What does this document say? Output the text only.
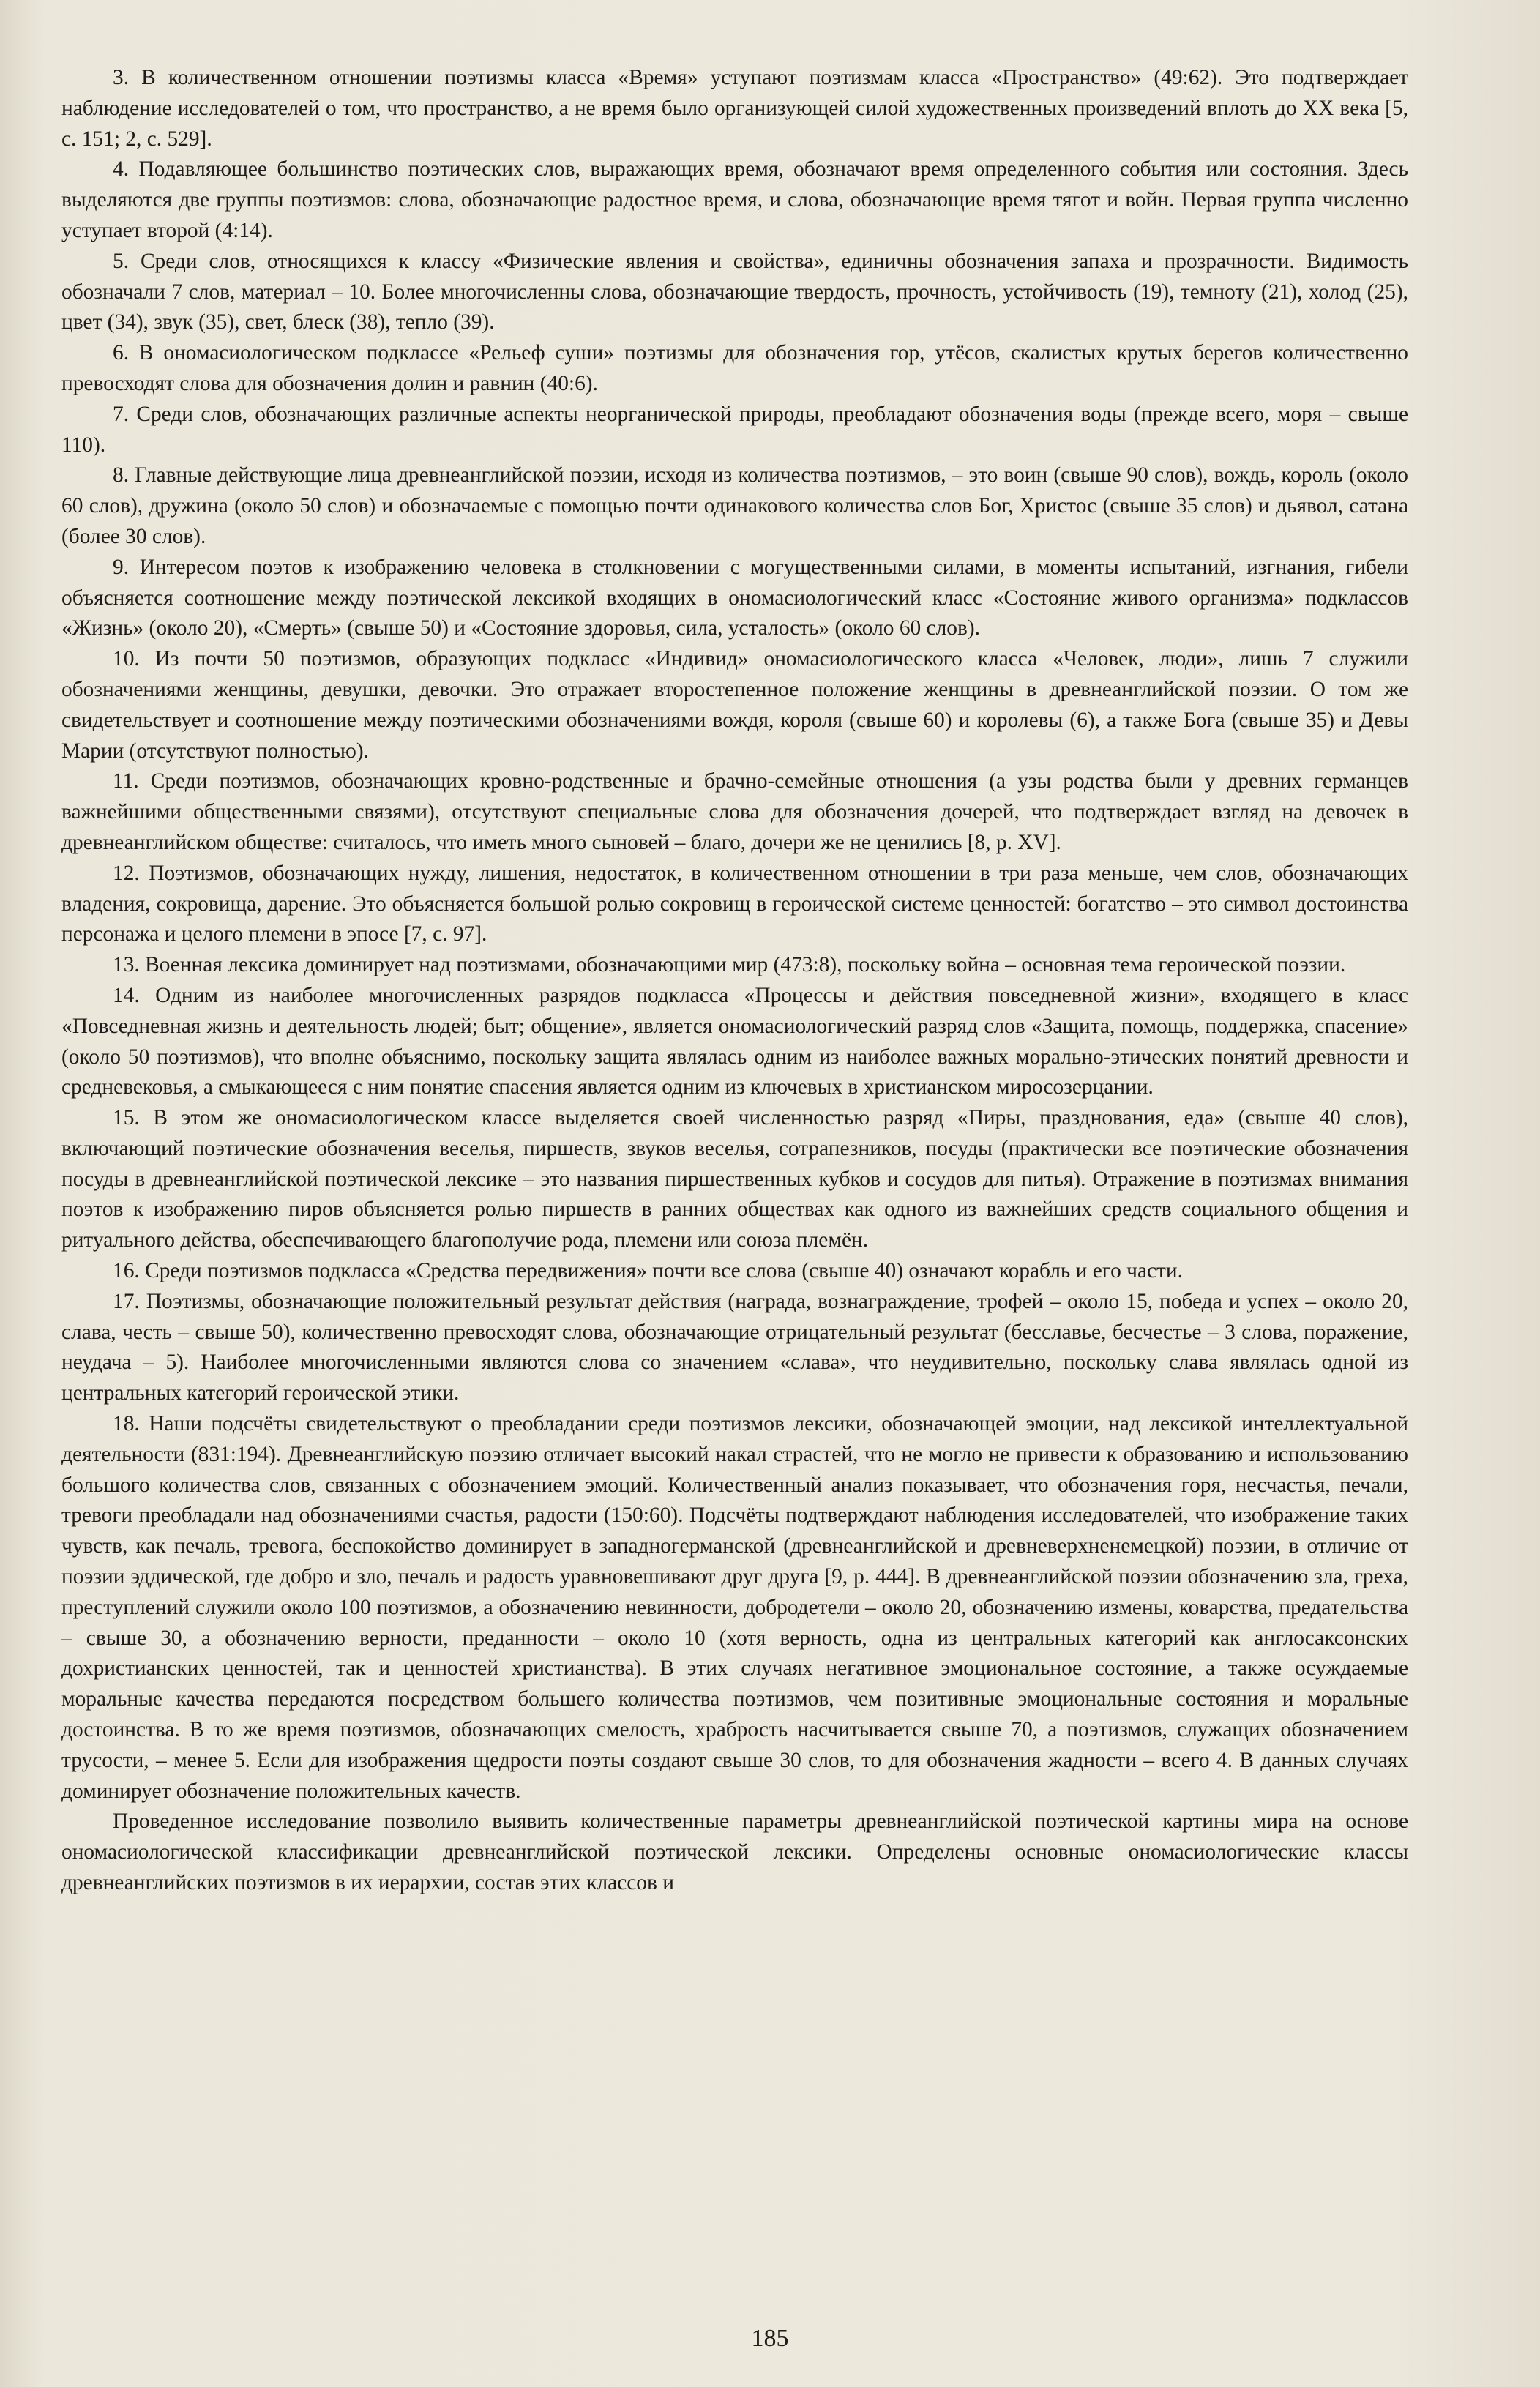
3. В количественном отношении поэтизмы класса «Время» уступают поэтизмам класса «Пространство» (49:62). Это подтверждает наблюдение исследователей о том, что пространство, а не время было организующей силой художественных произведений вплоть до XX века [5, с. 151; 2, с. 529].

4. Подавляющее большинство поэтических слов, выражающих время, обозначают время определенного события или состояния. Здесь выделяются две группы поэтизмов: слова, обозначающие радостное время, и слова, обозначающие время тягот и войн. Первая группа численно уступает второй (4:14).

5. Среди слов, относящихся к классу «Физические явления и свойства», единичны обозначения запаха и прозрачности. Видимость обозначали 7 слов, материал – 10. Более многочисленны слова, обозначающие твердость, прочность, устойчивость (19), темноту (21), холод (25), цвет (34), звук (35), свет, блеск (38), тепло (39).

6. В ономасиологическом подклассе «Рельеф суши» поэтизмы для обозначения гор, утёсов, скалистых крутых берегов количественно превосходят слова для обозначения долин и равнин (40:6).

7. Среди слов, обозначающих различные аспекты неорганической природы, преобладают обозначения воды (прежде всего, моря – свыше 110).

8. Главные действующие лица древнеанглийской поэзии, исходя из количества поэтизмов, – это воин (свыше 90 слов), вождь, король (около 60 слов), дружина (около 50 слов) и обозначаемые с помощью почти одинакового количества слов Бог, Христос (свыше 35 слов) и дьявол, сатана (более 30 слов).

9. Интересом поэтов к изображению человека в столкновении с могущественными силами, в моменты испытаний, изгнания, гибели объясняется соотношение между поэтической лексикой входящих в ономасиологический класс «Состояние живого организма» подклассов «Жизнь» (около 20), «Смерть» (свыше 50) и «Состояние здоровья, сила, усталость» (около 60 слов).

10. Из почти 50 поэтизмов, образующих подкласс «Индивид» ономасиологического класса «Человек, люди», лишь 7 служили обозначениями женщины, девушки, девочки. Это отражает второстепенное положение женщины в древнеанглийской поэзии. О том же свидетельствует и соотношение между поэтическими обозначениями вождя, короля (свыше 60) и королевы (6), а также Бога (свыше 35) и Девы Марии (отсутствуют полностью).

11. Среди поэтизмов, обозначающих кровно-родственные и брачно-семейные отношения (а узы родства были у древних германцев важнейшими общественными связями), отсутствуют специальные слова для обозначения дочерей, что подтверждает взгляд на девочек в древнеанглийском обществе: считалось, что иметь много сыновей – благо, дочери же не ценились [8, p. XV].

12. Поэтизмов, обозначающих нужду, лишения, недостаток, в количественном отношении в три раза меньше, чем слов, обозначающих владения, сокровища, дарение. Это объясняется большой ролью сокровищ в героической системе ценностей: богатство – это символ достоинства персонажа и целого племени в эпосе [7, с. 97].

13. Военная лексика доминирует над поэтизмами, обозначающими мир (473:8), поскольку война – основная тема героической поэзии.

14. Одним из наиболее многочисленных разрядов подкласса «Процессы и действия повседневной жизни», входящего в класс «Повседневная жизнь и деятельность людей; быт; общение», является ономасиологический разряд слов «Защита, помощь, поддержка, спасение» (около 50 поэтизмов), что вполне объяснимо, поскольку защита являлась одним из наиболее важных морально-этических понятий древности и средневековья, а смыкающееся с ним понятие спасения является одним из ключевых в христианском миросозерцании.

15. В этом же ономасиологическом классе выделяется своей численностью разряд «Пиры, празднования, еда» (свыше 40 слов), включающий поэтические обозначения веселья, пиршеств, звуков веселья, сотрапезников, посуды (практически все поэтические обозначения посуды в древнеанглийской поэтической лексике – это названия пиршественных кубков и сосудов для питья). Отражение в поэтизмах внимания поэтов к изображению пиров объясняется ролью пиршеств в ранних обществах как одного из важнейших средств социального общения и ритуального действа, обеспечивающего благополучие рода, племени или союза племён.

16. Среди поэтизмов подкласса «Средства передвижения» почти все слова (свыше 40) означают корабль и его части.

17. Поэтизмы, обозначающие положительный результат действия (награда, вознаграждение, трофей – около 15, победа и успех – около 20, слава, честь – свыше 50), количественно превосходят слова, обозначающие отрицательный результат (бесславье, бесчестье – 3 слова, поражение, неудача – 5). Наиболее многочисленными являются слова со значением «слава», что неудивительно, поскольку слава являлась одной из центральных категорий героической этики.

18. Наши подсчёты свидетельствуют о преобладании среди поэтизмов лексики, обозначающей эмоции, над лексикой интеллектуальной деятельности (831:194). Древнеанглийскую поэзию отличает высокий накал страстей, что не могло не привести к образованию и использованию большого количества слов, связанных с обозначением эмоций. Количественный анализ показывает, что обозначения горя, несчастья, печали, тревоги преобладали над обозначениями счастья, радости (150:60). Подсчёты подтверждают наблюдения исследователей, что изображение таких чувств, как печаль, тревога, беспокойство доминирует в западногерманской (древнеанглийской и древневерхненемецкой) поэзии, в отличие от поэзии эддической, где добро и зло, печаль и радость уравновешивают друг друга [9, p. 444]. В древнеанглийской поэзии обозначению зла, греха, преступлений служили около 100 поэтизмов, а обозначению невинности, добродетели – около 20, обозначению измены, коварства, предательства – свыше 30, а обозначению верности, преданности – около 10 (хотя верность, одна из центральных категорий как англосаксонских дохристианских ценностей, так и ценностей христианства). В этих случаях негативное эмоциональное состояние, а также осуждаемые моральные качества передаются посредством большего количества поэтизмов, чем позитивные эмоциональные состояния и моральные достоинства. В то же время поэтизмов, обозначающих смелость, храбрость насчитывается свыше 70, а поэтизмов, служащих обозначением трусости, – менее 5. Если для изображения щедрости поэты создают свыше 30 слов, то для обозначения жадности – всего 4. В данных случаях доминирует обозначение положительных качеств.

Проведенное исследование позволило выявить количественные параметры древнеанглийской поэтической картины мира на основе ономасиологической классификации древнеанглийской поэтической лексики. Определены основные ономасиологические классы древнеанглийских поэтизмов в их иерархии, состав этих классов и

185
